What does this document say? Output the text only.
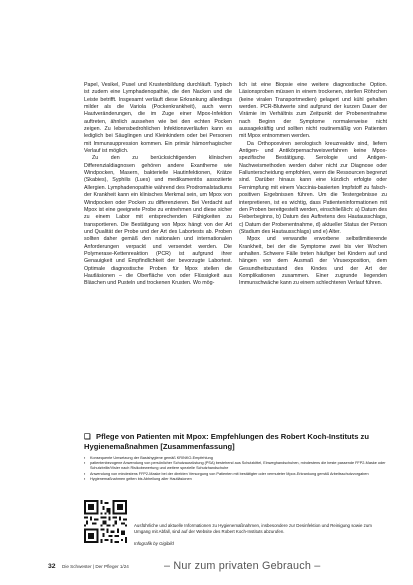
Papel, Vesikel, Pusel und Krustenbildung durchläuft. Typisch ist zudem eine Lymphadenopathie, die den Nacken und die Leiste betrifft. Insgesamt verläuft diese Erkrankung allerdings milder als die Variola (Pockenkrankheit), auch wenn Hautveränderungen, die im Zuge einer Mpox-Infektion auftreten, ähnlich aussehen wie bei den echten Pocken zeigen. Zu lebensbedrohlichen Infektionsverläufen kann es lediglich bei Säuglingen und Kleinkindern oder bei Personen mit Immunsuppression kommen. Ein primär hämorrhagischer Verlauf ist möglich.

Zu den zu berücksichtigenden klinischen Differenzialdiagnosen gehören andere Exantheme wie Windpocken, Masern, bakterielle Hautinfektionen, Krätze (Skabies), Syphilis (Lues) und medikamentös assoziierte Allergien. Lymphadenopathie während des Prodromalstadiums der Krankheit kann ein klinisches Merkmal sein, um Mpox von Windpocken oder Pocken zu differenzieren. Bei Verdacht auf Mpox ist eine geeignete Probe zu entnehmen und diese sicher zu einem Labor mit entsprechenden Fähigkeiten zu transportieren. Die Bestätigung von Mpox hängt von der Art und Qualität der Probe und der Art des Labortests ab. Proben sollten daher gemäß den nationalen und internationalen Anforderungen verpackt und versendet werden. Die Polymerase-Kettenreaktion (PCR) ist aufgrund ihrer Genauigkeit und Empfindlichkeit der bevorzugte Labortest. Optimale diagnostische Proben für Mpox stellen die Hautläsionen – die Oberfläche von oder Flüssigkeit aus Bläschen und Pusteln und trockenen Krusten. Wo mög-

lich ist eine Biopsie eine weitere diagnostische Option. Läsionsproben müssen in einem trockenen, sterilen Röhrchen (keine viralen Transportmedien) gelagert und kühl gehalten werden. PCR-Blutwerte sind aufgrund der kurzen Dauer der Virämie im Verhältnis zum Zeitpunkt der Probenentnahme nach Beginn der Symptome normalerweise nicht aussagekräftig und sollten nicht routinemäßig von Patienten mit Mpox entnommen werden.

Da Orthopoxviren serologisch kreuzreaktiv sind, liefern Antigen- und Antikörpernachweisverfahren keine Mpox-spezifische Bestätigung. Serologie und Antigen-Nachweismethoden werden daher nicht zur Diagnose oder Fallunterscheidung empfohlen, wenn die Ressourcen begrenzt sind. Darüber hinaus kann eine kürzlich erfolgte oder Fernimpfung mit einem Vaccinia-basierten Impfstoff zu falsch-positiven Ergebnissen führen. Um die Testergebnisse zu interpretieren, ist es wichtig, dass Patienteninformationen mit den Proben bereitgestellt werden, einschließlich: a) Datum des Fieberbeginns, b) Datum des Auftretens des Hautausschlags, c) Datum der Probenentnahme, d) aktueller Status der Person (Stadium des Hautausschlags) und e) Alter.

Mpox und verwandte erworbene selbstlimitierende Krankheit, bei der die Symptome zwei bis vier Wochen anhalten. Schwere Fälle treten häufiger bei Kindern auf und hängen von dem Ausmaß der Virusexposition, dem Gesundheitszustand des Kindes und der Art der Komplikationen zusammen. Einer zugrunde liegenden Immunschwäche kann zu einem schlechteren Verlauf führen.

❏ Pflege von Patienten mit Mpox: Empfehlungen des Robert Koch-Instituts zu Hygienemaßnahmen [Zusammenfassung]
▪	Konsequente Umsetzung der Basishygiene gemäß KRINKO-Empfehlung
▪	patientenbezogene Anwendung von persönlicher Schutzausrüstung (PSA) bestehend aus Schutzkittel, Einweghandschuhen, mindestens die beste passende FFP2-Maske oder Schutzbrille/Visier nach Risikobewertung und weitere spezielle Schutzhandschuhe
▪	Anwendung von mindestens FFP2-Maske bei der direkten Versorgung von Patienten mit bestätigter oder vermuteter Mpox-Erkrankung gemäß Arbeitsschutzvorgaben
▪	Hygienemaßnahmen gelten bis Abheilung aller Hautläsionen
Ausführliche und aktuelle Informationen zu Hygienemaßnahmen, insbesondere zur Desinfektion und Reinigung sowie zum Umgang mit Abfall, sind auf der Website des Robert Koch-Instituts abzurufen.
Infografik by Gigibild
32 Die Schwester | Der Pfleger 1/24	– Nur zum privaten Gebrauch –
